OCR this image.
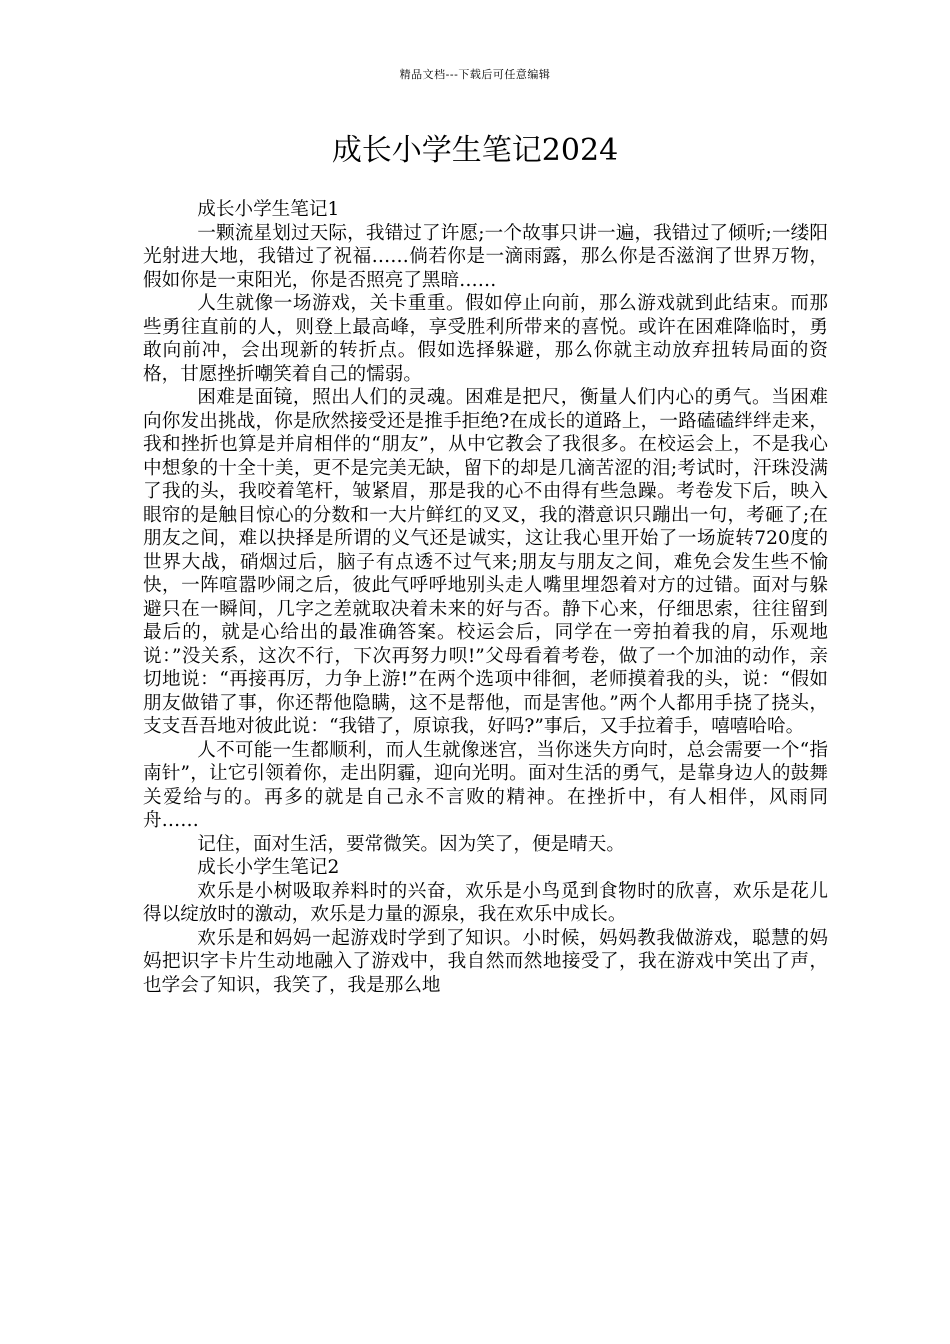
精品文档---下载后可任意编辑
成长小学生笔记2024

成长小学生笔记1

一颗流星划过天际，我错过了许愿;一个故事只讲一遍，我错过了倾听;一缕阳光射进大地，我错过了祝福……倘若你是一滴雨露，那么你是否滋润了世界万物，假如你是一束阳光，你是否照亮了黑暗……

人生就像一场游戏，关卡重重。假如停止向前，那么游戏就到此结束。而那些勇往直前的人，则登上最高峰，享受胜利所带来的喜悦。或许在困难降临时，勇敢向前冲，会出现新的转折点。假如选择躲避，那么你就主动放弃扭转局面的资格，甘愿挫折嘲笑着自己的懦弱。

困难是面镜，照出人们的灵魂。困难是把尺，衡量人们内心的勇气。当困难向你发出挑战，你是欣然接受还是推手拒绝?在成长的道路上，一路磕磕绊绊走来，我和挫折也算是并肩相伴的“朋友”，从中它教会了我很多。在校运会上，不是我心中想象的十全十美，更不是完美无缺，留下的却是几滴苦涩的泪;考试时，汗珠没满了我的头，我咬着笔杆，皱紧眉，那是我的心不由得有些急躁。考卷发下后，映入眼帘的是触目惊心的分数和一大片鲜红的叉叉，我的潜意识只蹦出一句，考砸了;在朋友之间，难以抉择是所谓的义气还是诚实，这让我心里开始了一场旋转720度的世界大战，硝烟过后，脑子有点透不过气来;朋友与朋友之间，难免会发生些不愉快，一阵喧嚣吵闹之后，彼此气呼呼地别头走人嘴里埋怨着对方的过错。面对与躲避只在一瞬间，几字之差就取决着未来的好与否。静下心来，仔细思索，往往留到最后的，就是心给出的最准确答案。校运会后，同学在一旁拍着我的肩，乐观地说：”没关系，这次不行，下次再努力呗!”父母看着考卷，做了一个加油的动作，亲切地说：“再接再厉，力争上游!”在两个选项中徘徊，老师摸着我的头，说：“假如朋友做错了事，你还帮他隐瞒，这不是帮他，而是害他。”两个人都用手挠了挠头，支支吾吾地对彼此说：“我错了，原谅我，好吗?”事后，又手拉着手，嘻嘻哈哈。

人不可能一生都顺利，而人生就像迷宫，当你迷失方向时，总会需要一个“指南针”，让它引领着你，走出阴霾，迎向光明。面对生活的勇气，是靠身边人的鼓舞关爱给与的。再多的就是自己永不言败的精神。在挫折中，有人相伴，风雨同舟……

记住，面对生活，要常微笑。因为笑了，便是晴天。

成长小学生笔记2

欢乐是小树吸取养料时的兴奋，欢乐是小鸟觅到食物时的欣喜，欢乐是花儿得以绽放时的激动，欢乐是力量的源泉，我在欢乐中成长。

欢乐是和妈妈一起游戏时学到了知识。小时候，妈妈教我做游戏，聪慧的妈妈把识字卡片生动地融入了游戏中，我自然而然地接受了，我在游戏中笑出了声，也学会了知识，我笑了，我是那么地
